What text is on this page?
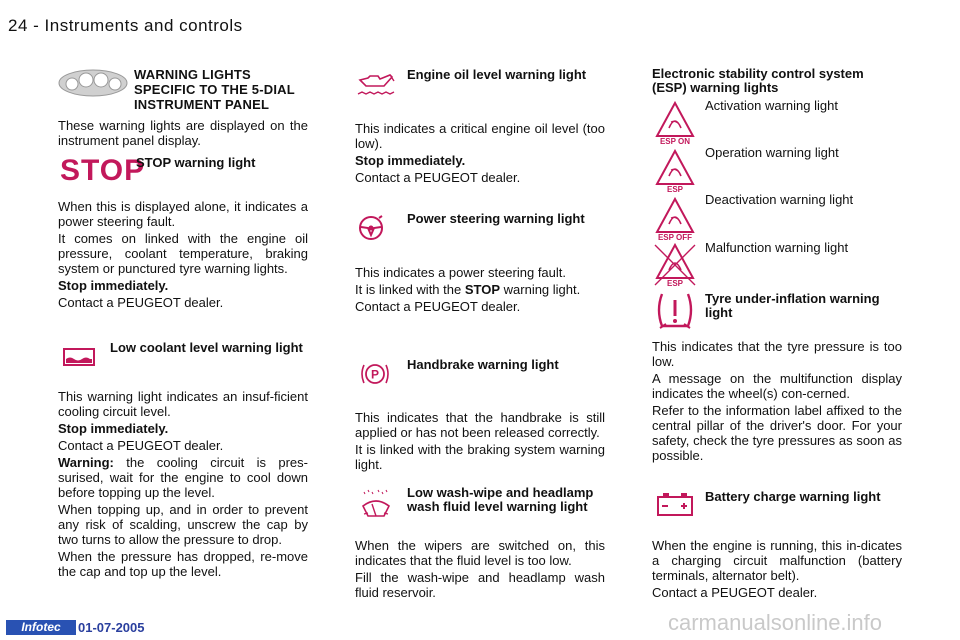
24 - Instruments and controls
WARNING LIGHTS
SPECIFIC TO THE 5-DIAL
INSTRUMENT PANEL
These warning lights are displayed on the instrument panel display.
STOP
STOP warning light

When this is displayed alone, it indicates a power steering fault.

It comes on linked with the engine oil pressure, coolant temperature, braking system or punctured tyre warning lights.

Stop immediately.

Contact a PEUGEOT dealer.

Low coolant level warning light

This warning light indicates an insuf-ficient cooling circuit level.

Stop immediately.

Contact a PEUGEOT dealer.

Warning: the cooling circuit is pres-surised, wait for the engine to cool down before topping up the level.

When topping up, and in order to prevent any risk of scalding, unscrew the cap by two turns to allow the pressure to drop.

When the pressure has dropped, re-move the cap and top up the level.

Engine oil level warning light

This indicates a critical engine oil level (too low).

Stop immediately.

Contact a PEUGEOT dealer.

Power steering warning light

This indicates a power steering fault.

It is linked with the STOP warning light.

Contact a PEUGEOT dealer.

P
Handbrake warning light

This indicates that the handbrake is still applied or has not been released correctly.

It is linked with the braking system warning light.

Low wash-wipe and headlamp wash fluid level warning light

When the wipers are switched on, this indicates that the fluid level is too low.

Fill the wash-wipe and headlamp wash fluid reservoir.

Electronic stability control system (ESP) warning lights
ESP ON
Activation warning light
ESP
Operation warning light
ESP OFF
Deactivation warning light
ESP
Malfunction warning light
Tyre under-inflation warning light

This indicates that the tyre pressure is too low.

A message on the multifunction display indicates the wheel(s) con-cerned.

Refer to the information label affixed to the central pillar of the driver's door. For your safety, check the tyre pressures as soon as possible.

Battery charge warning light

When the engine is running, this in-dicates a charging circuit malfunction (battery terminals, alternator belt).

Contact a PEUGEOT dealer.

Infotec	01-07-2005	carmanualsonline.info
